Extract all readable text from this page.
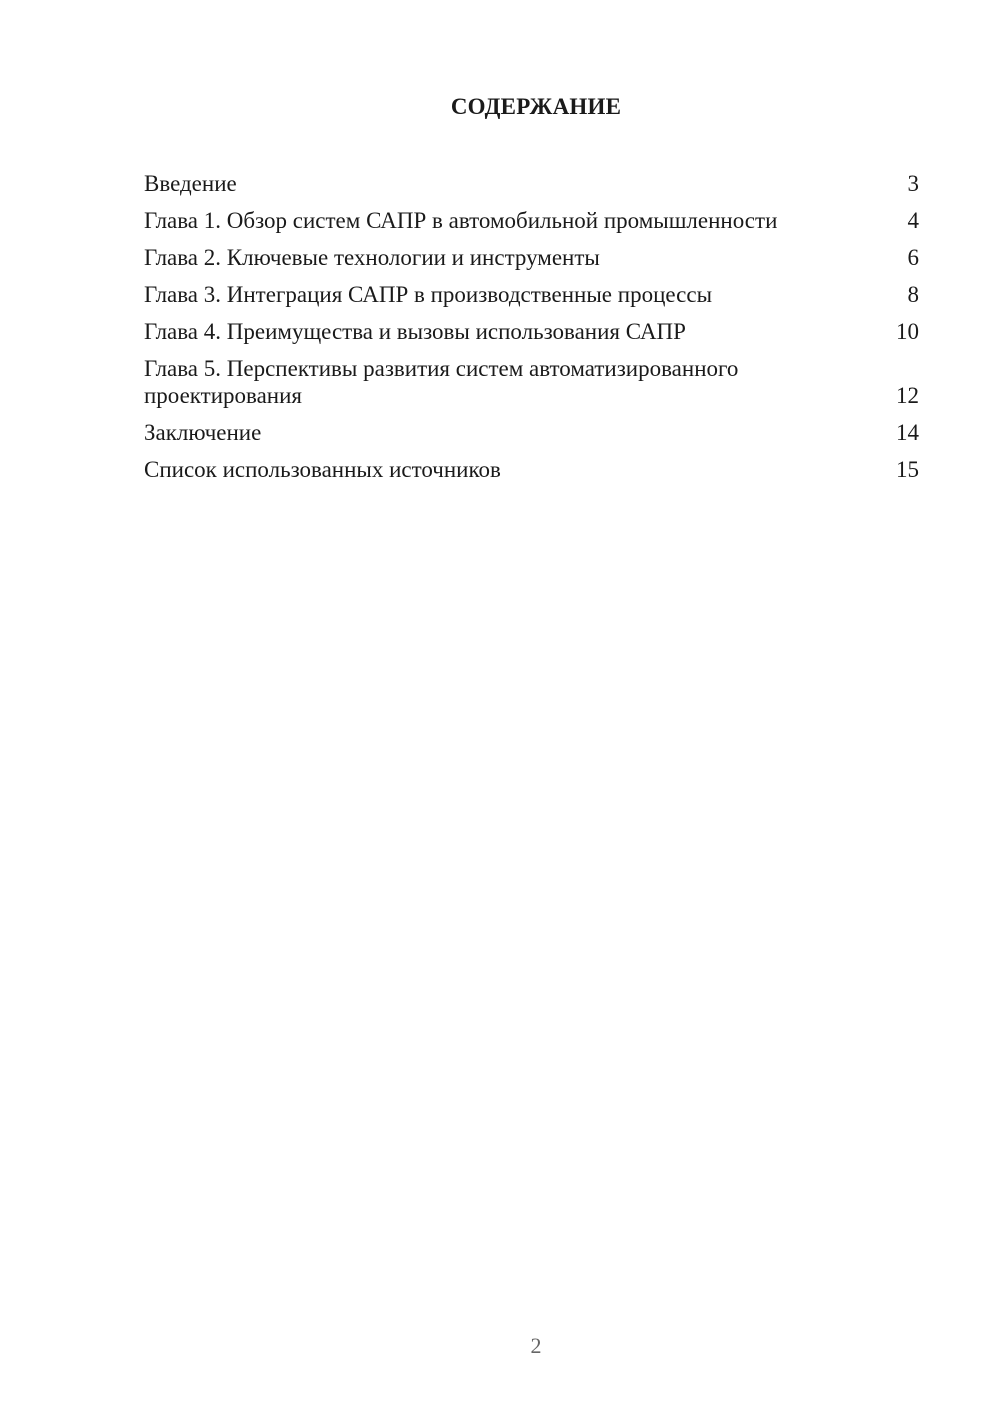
СОДЕРЖАНИЕ
Введение	3
Глава 1. Обзор систем САПР в автомобильной промышленности	4
Глава 2. Ключевые технологии и инструменты	6
Глава 3. Интеграция САПР в производственные процессы	8
Глава 4. Преимущества и вызовы использования САПР	10
Глава 5. Перспективы развития систем автоматизированного проектирования	12
Заключение	14
Список использованных источников	15
2
